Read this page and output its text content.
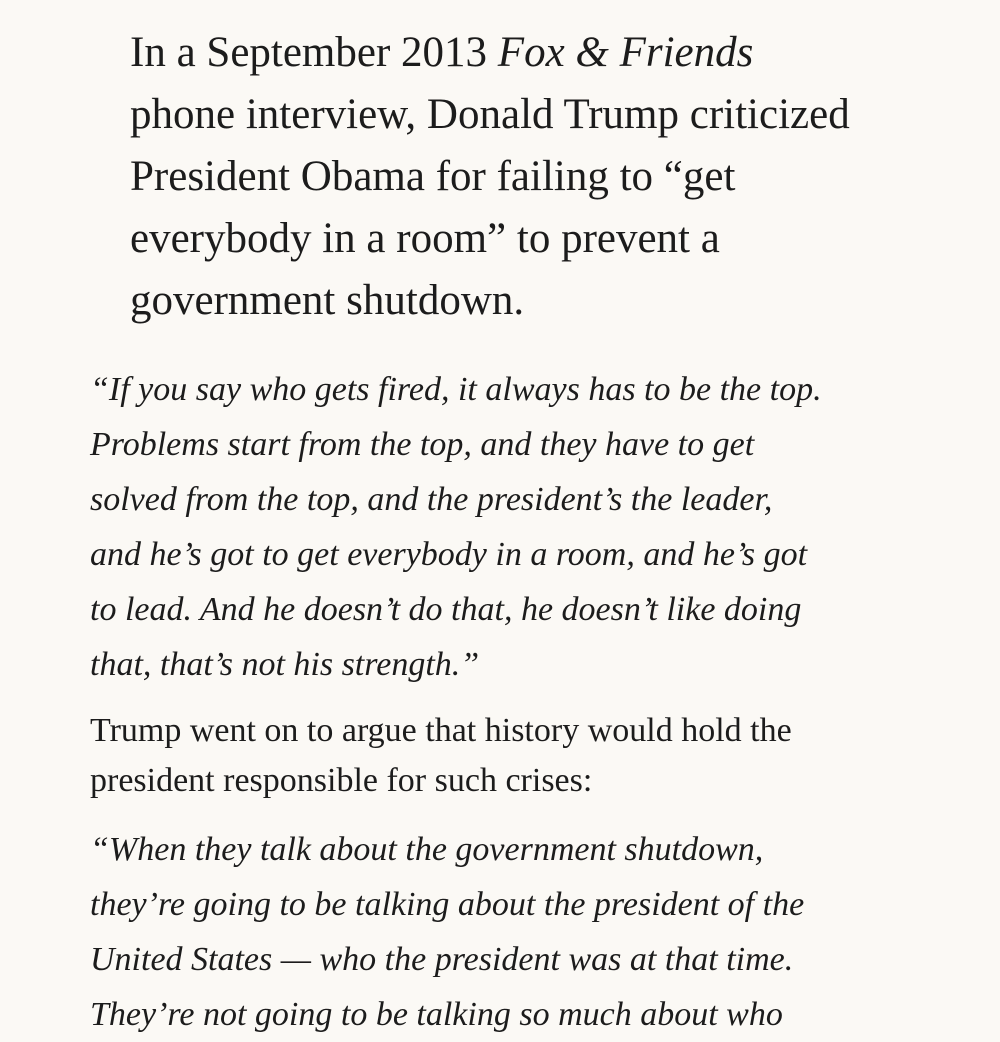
In a September 2013 Fox & Friends
phone interview, Donald Trump criticized
President Obama for failing to “get
everybody in a room” to prevent a
government shutdown.

“If you say who gets fired, it always has to be the top.
Problems start from the top, and they have to get
solved from the top, and the president’s the leader,
and he’s got to get everybody in a room, and he’s got
to lead. And he doesn’t do that, he doesn’t like doing
that, that’s not his strength.”

Trump went on to argue that history would hold the
president responsible for such crises:

“When they talk about the government shutdown,
they’re going to be talking about the president of the
United States — who the president was at that time.
They’re not going to be talking so much about who
